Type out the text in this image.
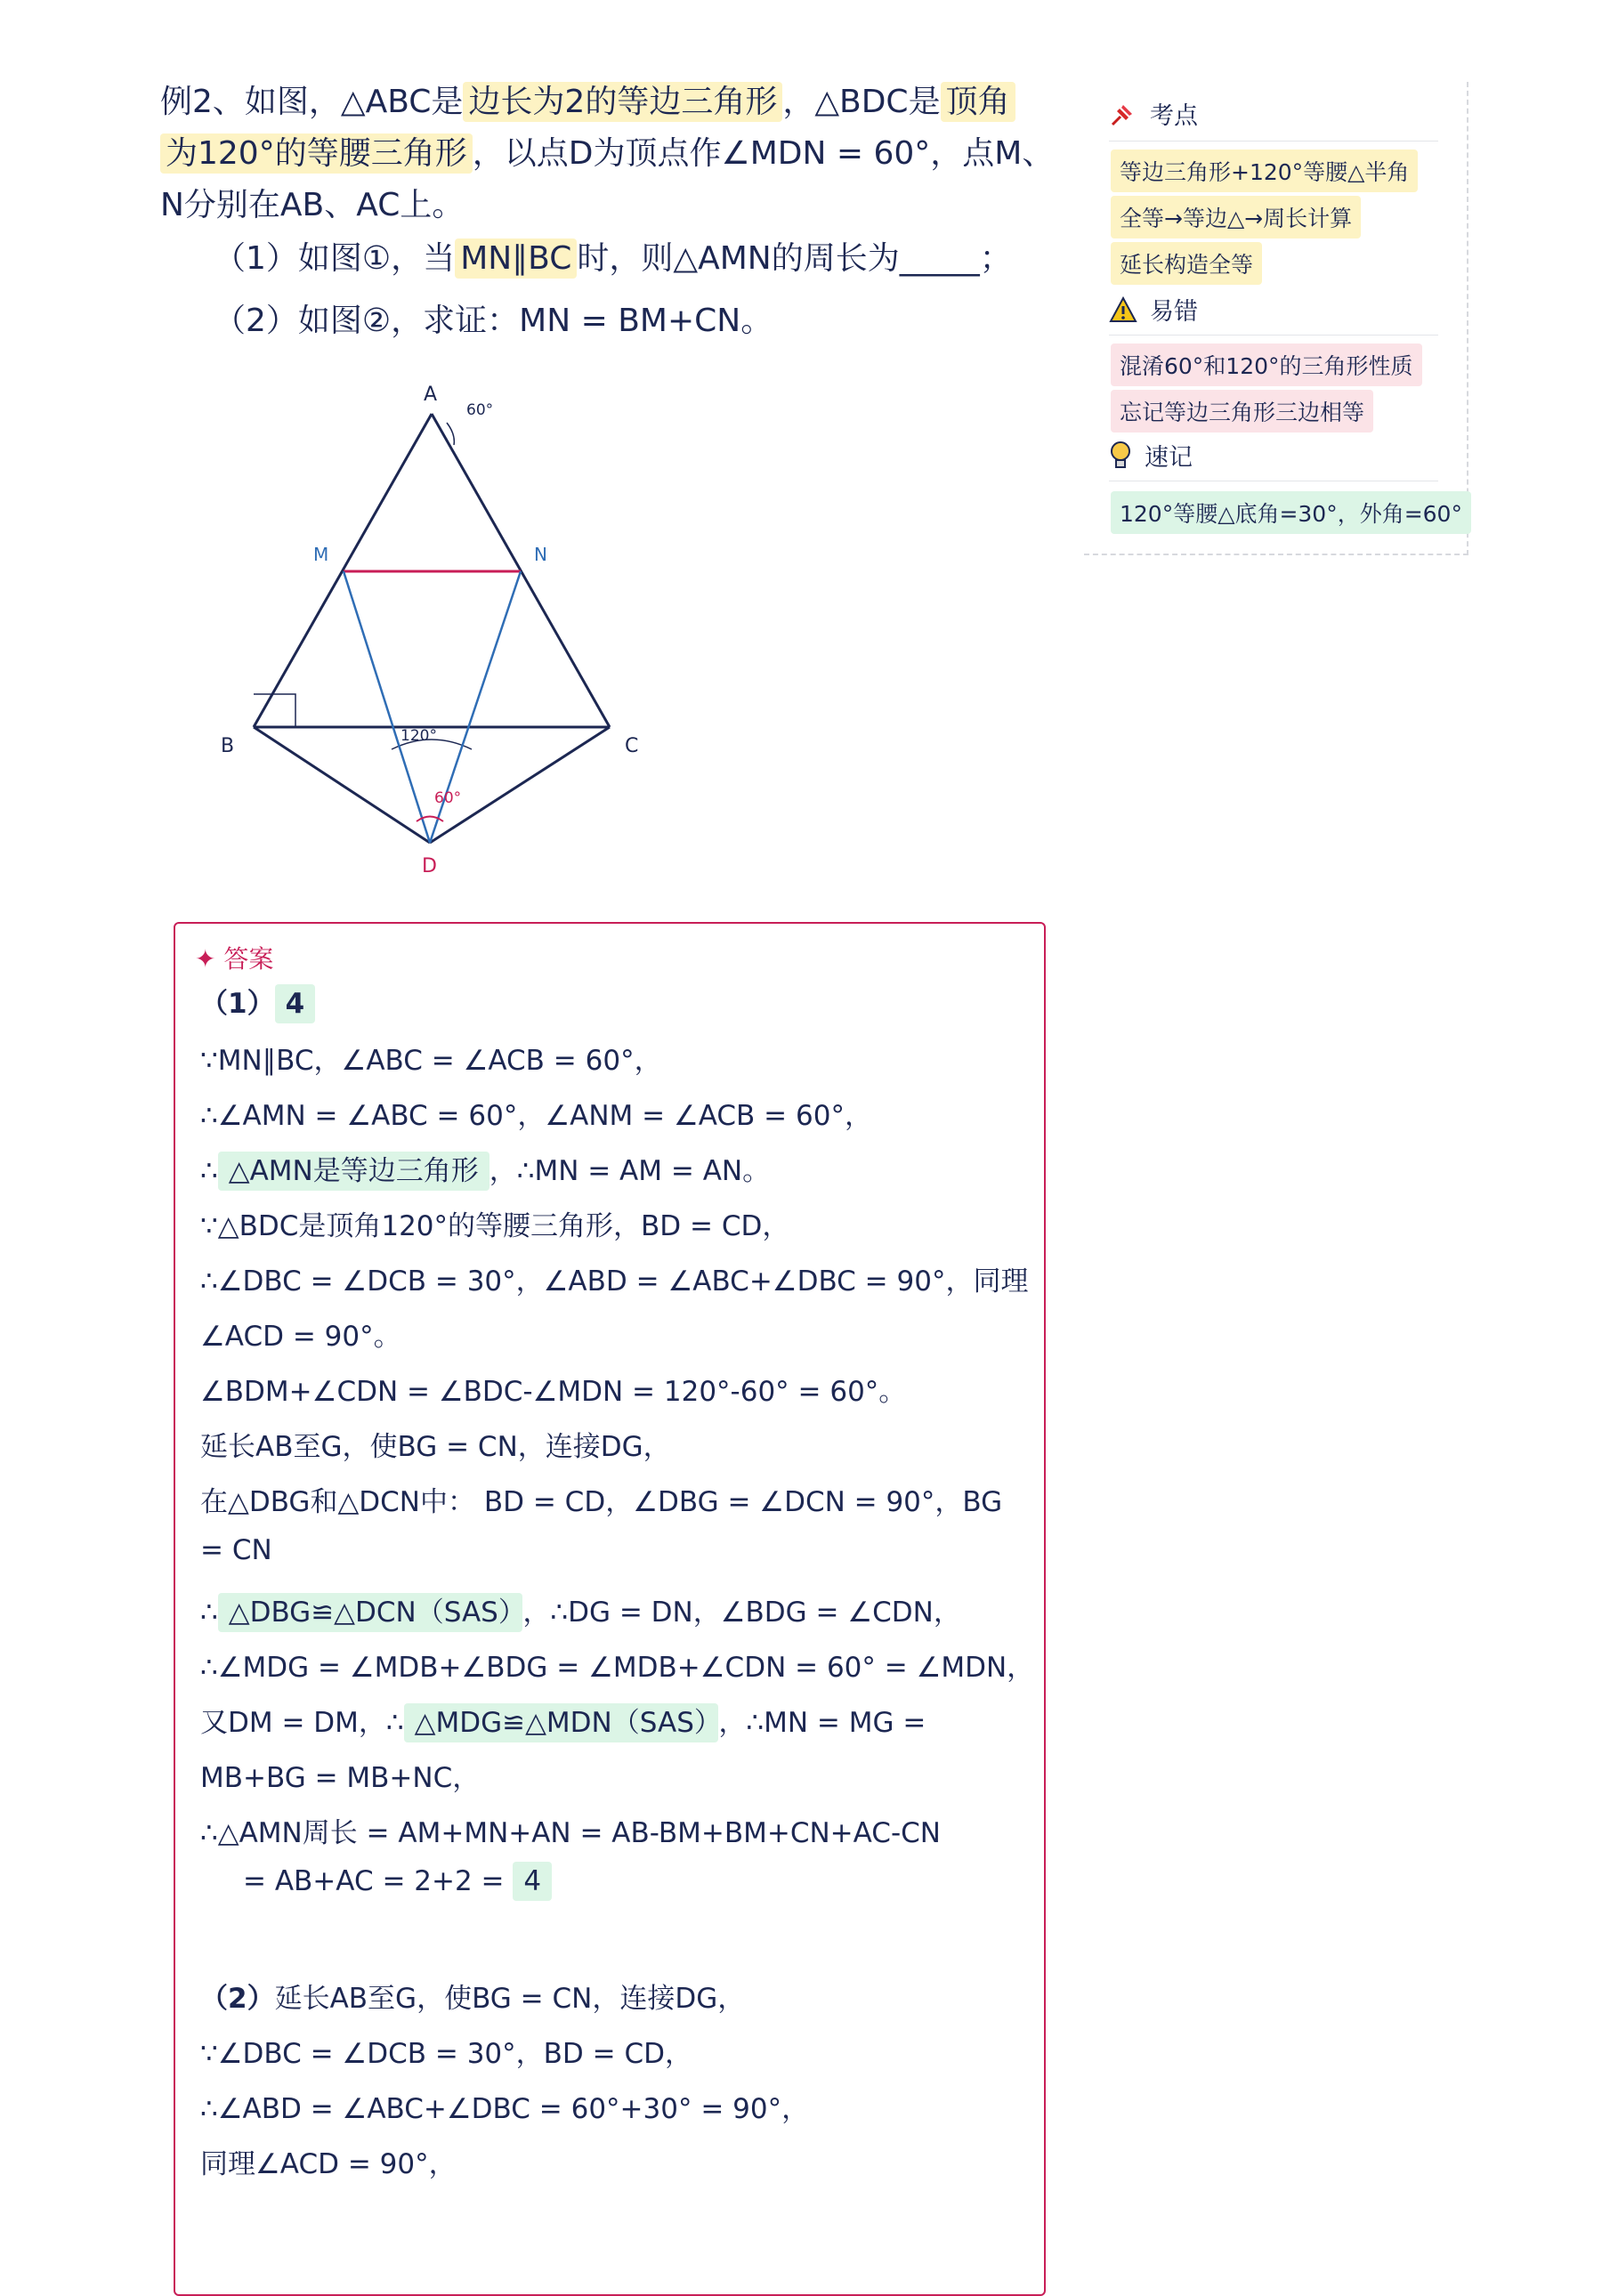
例2、如图，△ABC是 边长为2的等边三角形 ，△BDC是 顶角
为120°的等腰三角形 ，以点D为顶点作∠MDN = 60°，点M、
N分别在AB、AC上。
（1）如图①，当 MN∥BC 时，则△AMN的周长为_____；
（2）如图②，求证：MN = BM+CN。
A
B	C
D
M	N
60°
120°
60°
考点
等边三角形+120°等腰△半角
全等→等边△→周长计算
延长构造全等
易错
混淆60°和120°的三角形性质
忘记等边三角形三边相等
速记
120°等腰△底角=30°，外角=60°
✦ 答案
（1） 4
∵MN∥BC，∠ABC = ∠ACB = 60°，
∴∠AMN = ∠ABC = 60°，∠ANM = ∠ACB = 60°，
∴ △AMN是等边三角形 ，∴MN = AM = AN。
∵△BDC是顶角120°的等腰三角形，BD = CD，
∴∠DBC = ∠DCB = 30°，∠ABD = ∠ABC+∠DBC = 90°，同理
∠ACD = 90°。
∠BDM+∠CDN = ∠BDC-∠MDN = 120°-60° = 60°。
延长AB至G，使BG = CN，连接DG，
在△DBG和△DCN中： BD = CD，∠DBG = ∠DCN = 90°，BG
= CN
∴ △DBG≌△DCN（SAS） ，∴DG = DN，∠BDG = ∠CDN，
∴∠MDG = ∠MDB+∠BDG = ∠MDB+∠CDN = 60° = ∠MDN，
又DM = DM，∴ △MDG≌△MDN（SAS） ，∴MN = MG =
MB+BG = MB+NC，
∴△AMN周长 = AM+MN+AN = AB-BM+BM+CN+AC-CN
= AB+AC = 2+2 = 4
（2）延长AB至G，使BG = CN，连接DG，
∵∠DBC = ∠DCB = 30°，BD = CD，
∴∠ABD = ∠ABC+∠DBC = 60°+30° = 90°，
同理∠ACD = 90°，
